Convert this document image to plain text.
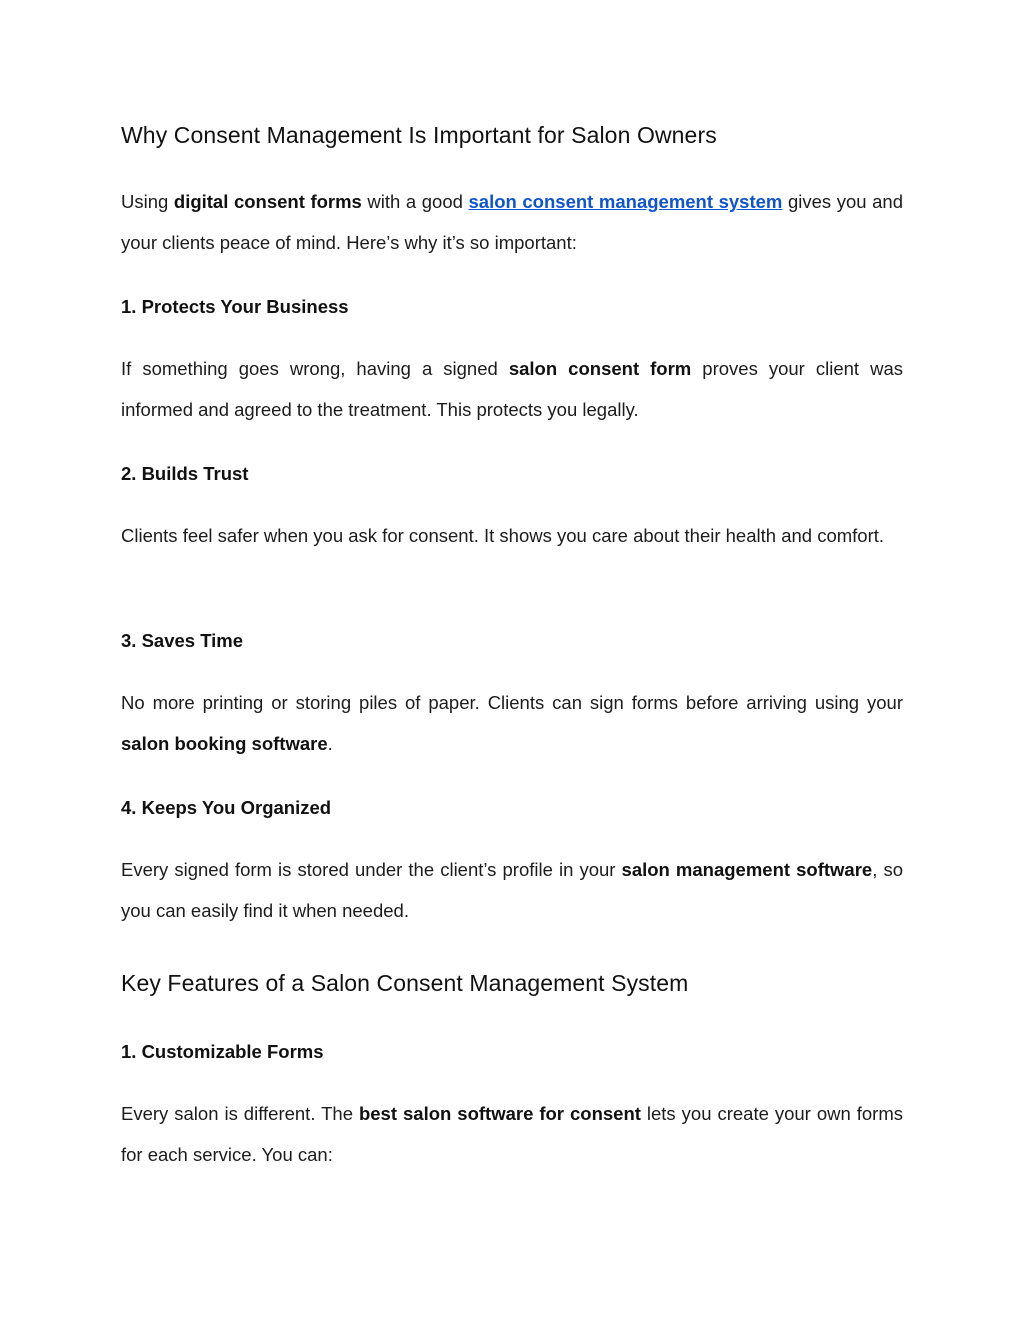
Why Consent Management Is Important for Salon Owners

Using digital consent forms with a good salon consent management system gives you and your clients peace of mind. Here’s why it’s so important:

1. Protects Your Business

If something goes wrong, having a signed salon consent form proves your client was informed and agreed to the treatment. This protects you legally.

2. Builds Trust

Clients feel safer when you ask for consent. It shows you care about their health and comfort.

3. Saves Time

No more printing or storing piles of paper. Clients can sign forms before arriving using your salon booking software.

4. Keeps You Organized

Every signed form is stored under the client’s profile in your salon management software, so you can easily find it when needed.

Key Features of a Salon Consent Management System
1. Customizable Forms

Every salon is different. The best salon software for consent lets you create your own forms for each service. You can:
